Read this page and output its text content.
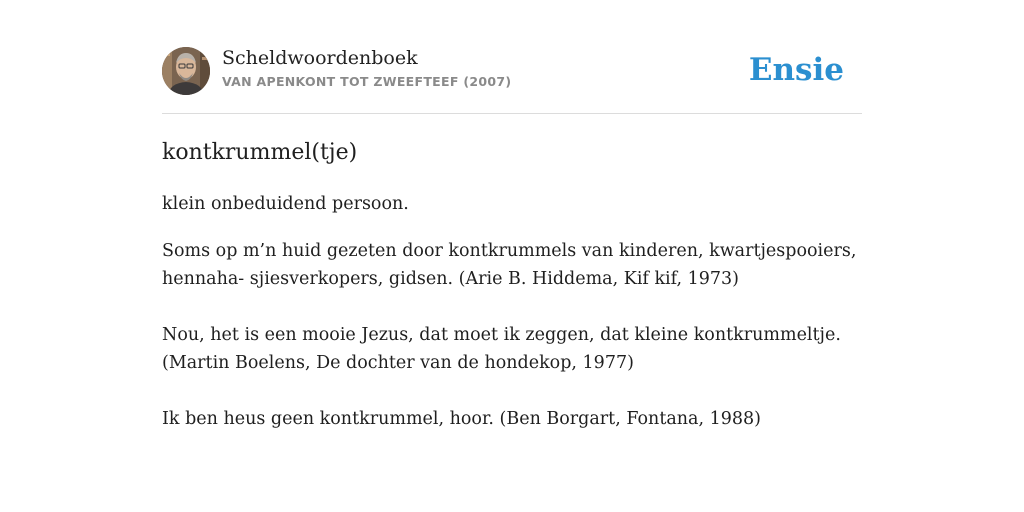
Scheldwoordenboek
VAN APENKONT TOT ZWEEFTEEF (2007)	Ensie
kontkrummel(tje)
klein onbeduidend persoon.

Soms op m’n huid gezeten door kontkrummels van kinderen, kwartjespooiers,
hennaha- sjiesverkopers, gidsen. (Arie B. Hiddema, Kif kif, 1973)

Nou, het is een mooie Jezus, dat moet ik zeggen, dat kleine kontkrummeltje.
(Martin Boelens, De dochter van de hondekop, 1977)

Ik ben heus geen kontkrummel, hoor. (Ben Borgart, Fontana, 1988)
